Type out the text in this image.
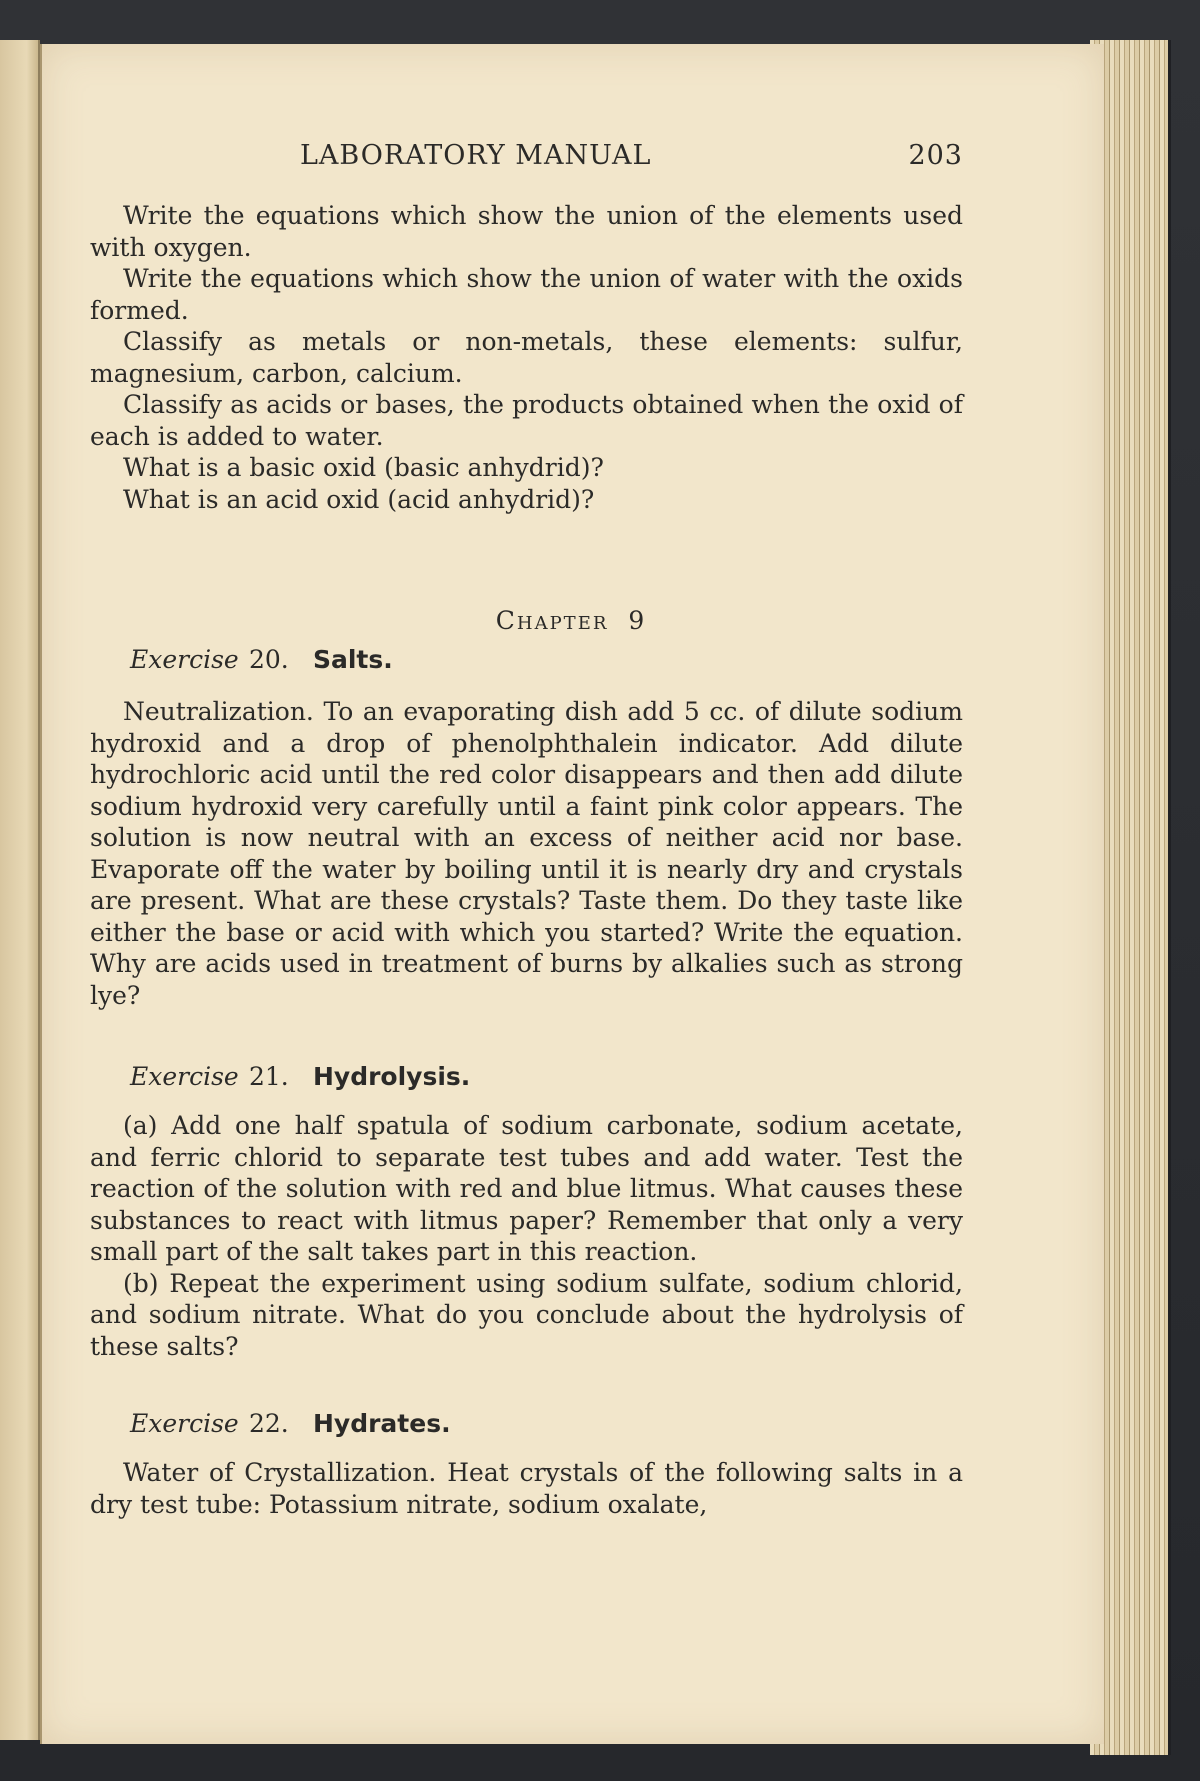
LABORATORY MANUAL	203

Write the equations which show the union of the elements used with oxygen.

Write the equations which show the union of water with the oxids formed.

Classify as metals or non-metals, these elements: sulfur, magnesium, carbon, calcium.

Classify as acids or bases, the products obtained when the oxid of each is added to water.

What is a basic oxid (basic anhydrid)?

What is an acid oxid (acid anhydrid)?

Chapter 9
Exercise 20. Salts.

Neutralization. To an evaporating dish add 5 cc. of dilute sodium hydroxid and a drop of phenolphthalein indicator. Add dilute hydrochloric acid until the red color disappears and then add dilute sodium hydroxid very carefully until a faint pink color appears. The solution is now neutral with an excess of neither acid nor base. Evaporate off the water by boiling until it is nearly dry and crystals are present. What are these crystals? Taste them. Do they taste like either the base or acid with which you started? Write the equation. Why are acids used in treatment of burns by alkalies such as strong lye?

Exercise 21. Hydrolysis.

(a) Add one half spatula of sodium carbonate, sodium acetate, and ferric chlorid to separate test tubes and add water. Test the reaction of the solution with red and blue litmus. What causes these substances to react with litmus paper? Remember that only a very small part of the salt takes part in this reaction.

(b) Repeat the experiment using sodium sulfate, sodium chlorid, and sodium nitrate. What do you conclude about the hydrolysis of these salts?

Exercise 22. Hydrates.

Water of Crystallization. Heat crystals of the following salts in a dry test tube: Potassium nitrate, sodium oxalate,
